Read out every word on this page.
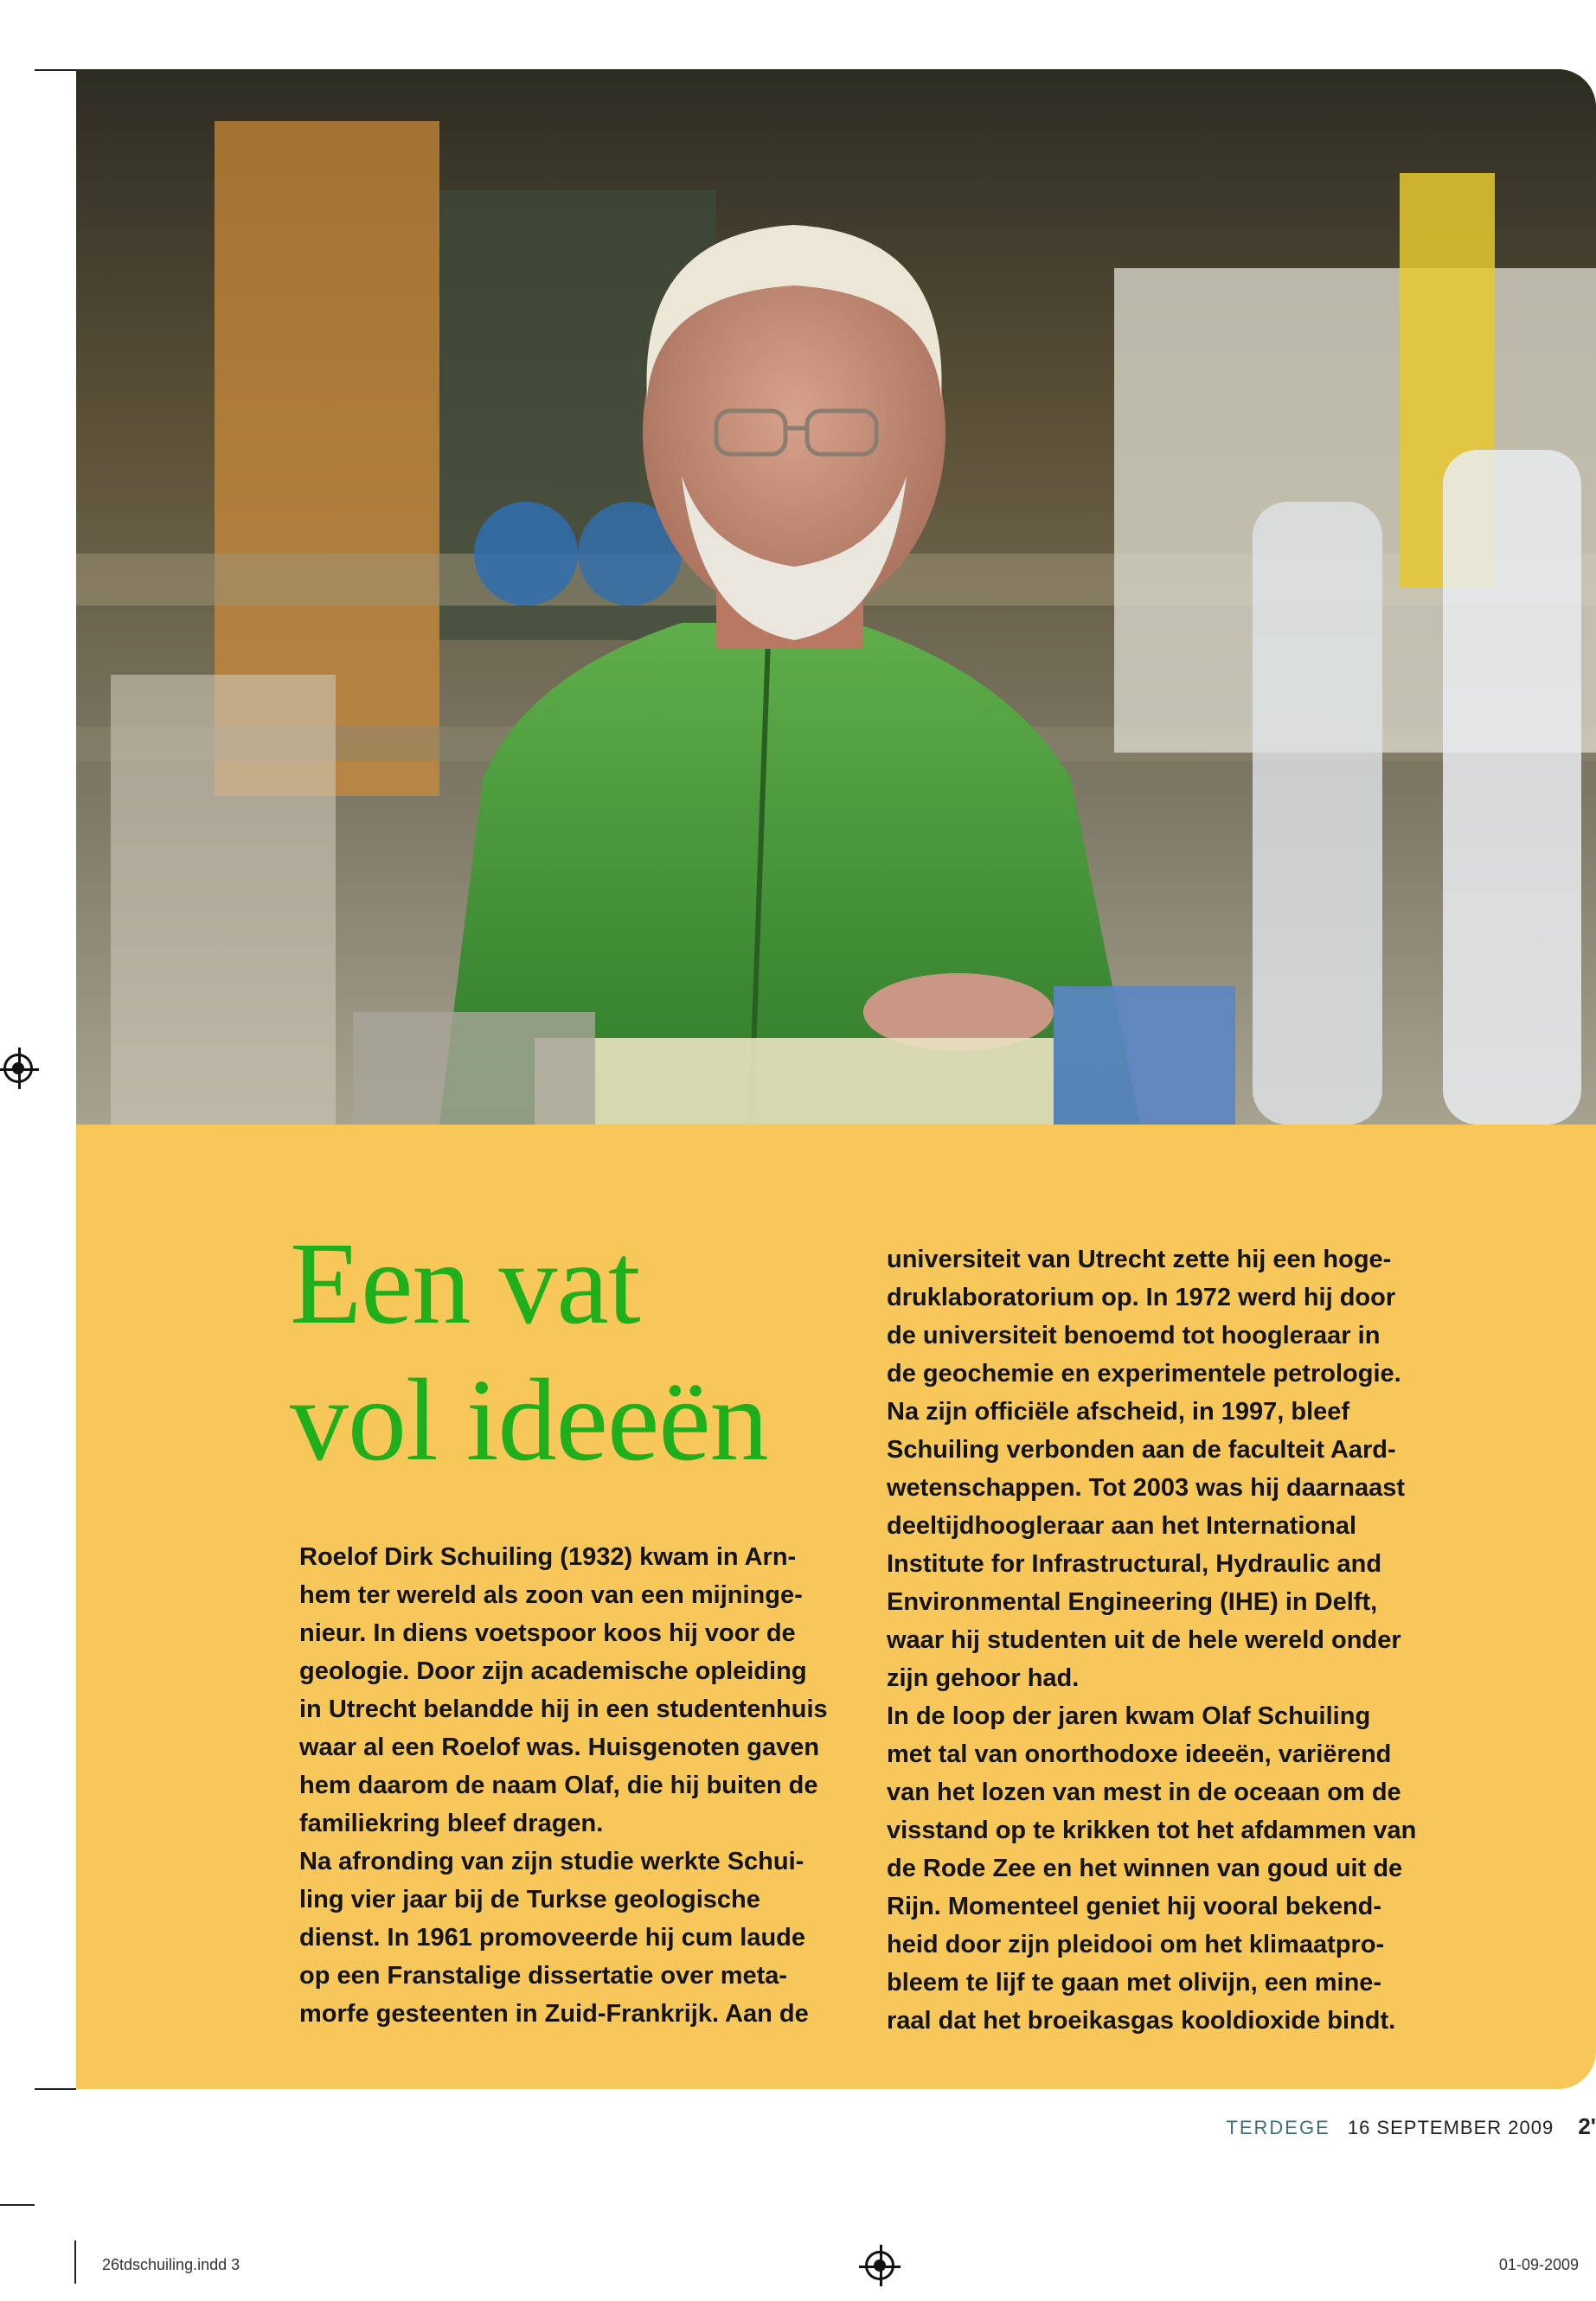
Een vat
vol ideeën
Roelof Dirk Schuiling (1932) kwam in Arn-
hem ter wereld als zoon van een mijninge-
nieur. In diens voetspoor koos hij voor de
geologie. Door zijn academische opleiding
in Utrecht belandde hij in een studentenhuis
waar al een Roelof was. Huisgenoten gaven
hem daarom de naam Olaf, die hij buiten de
familiekring bleef dragen.
Na afronding van zijn studie werkte Schui-
ling vier jaar bij de Turkse geologische
dienst. In 1961 promoveerde hij cum laude
op een Franstalige dissertatie over meta-
morfe gesteenten in Zuid-Frankrijk. Aan de
universiteit van Utrecht zette hij een hoge-
druklaboratorium op. In 1972 werd hij door
de universiteit benoemd tot hoogleraar in
de geochemie en experimentele petrologie.
Na zijn officiële afscheid, in 1997, bleef
Schuiling verbonden aan de faculteit Aard-
wetenschappen. Tot 2003 was hij daarnaast
deeltijdhoogleraar aan het International
Institute for Infrastructural, Hydraulic and
Environmental Engineering (IHE) in Delft,
waar hij studenten uit de hele wereld onder
zijn gehoor had.
In de loop der jaren kwam Olaf Schuiling
met tal van onorthodoxe ideeën, variërend
van het lozen van mest in de oceaan om de
visstand op te krikken tot het afdammen van
de Rode Zee en het winnen van goud uit de
Rijn. Momenteel geniet hij vooral bekend-
heid door zijn pleidooi om het klimaatpro-
bleem te lijf te gaan met olivijn, een mine-
raal dat het broeikasgas kooldioxide bindt.
TERDEGE 16 SEPTEMBER 2009 2'
26tdschuiling.indd 3	01-09-2009
